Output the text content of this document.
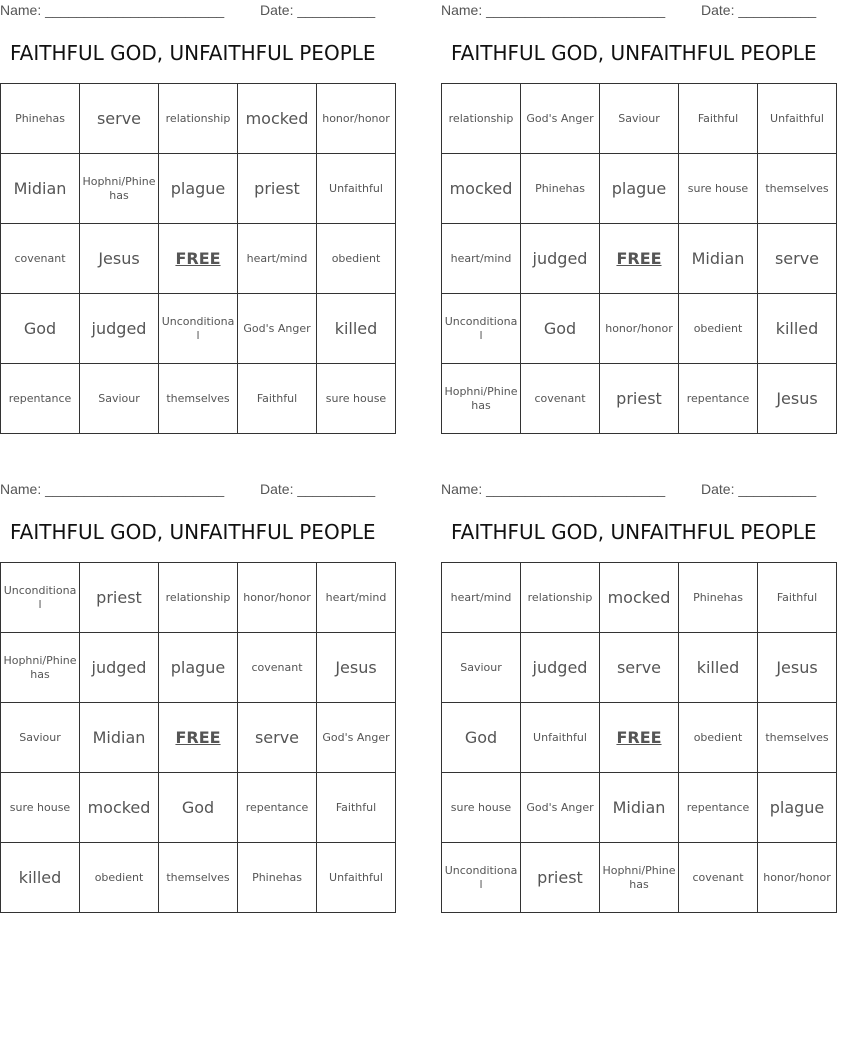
Name: _______________________	Date: __________
FAITHFUL GOD, UNFAITHFUL PEOPLE
Phinehas	serve	relationship	mocked	honor/honor
Midian	Hophni/Phinehas	plague	priest	Unfaithful
covenant	Jesus	FREE	heart/mind	obedient
God	judged	Unconditional	God's Anger	killed
repentance	Saviour	themselves	Faithful	sure house
Name: _______________________	Date: __________
FAITHFUL GOD, UNFAITHFUL PEOPLE
relationship	God's Anger	Saviour	Faithful	Unfaithful
mocked	Phinehas	plague	sure house	themselves
heart/mind	judged	FREE	Midian	serve
Unconditional	God	honor/honor	obedient	killed
Hophni/Phinehas	covenant	priest	repentance	Jesus
Name: _______________________	Date: __________
FAITHFUL GOD, UNFAITHFUL PEOPLE
Unconditional	priest	relationship	honor/honor	heart/mind
Hophni/Phinehas	judged	plague	covenant	Jesus
Saviour	Midian	FREE	serve	God's Anger
sure house	mocked	God	repentance	Faithful
killed	obedient	themselves	Phinehas	Unfaithful
Name: _______________________	Date: __________
FAITHFUL GOD, UNFAITHFUL PEOPLE
heart/mind	relationship	mocked	Phinehas	Faithful
Saviour	judged	serve	killed	Jesus
God	Unfaithful	FREE	obedient	themselves
sure house	God's Anger	Midian	repentance	plague
Unconditional	priest	Hophni/Phinehas	covenant	honor/honor
